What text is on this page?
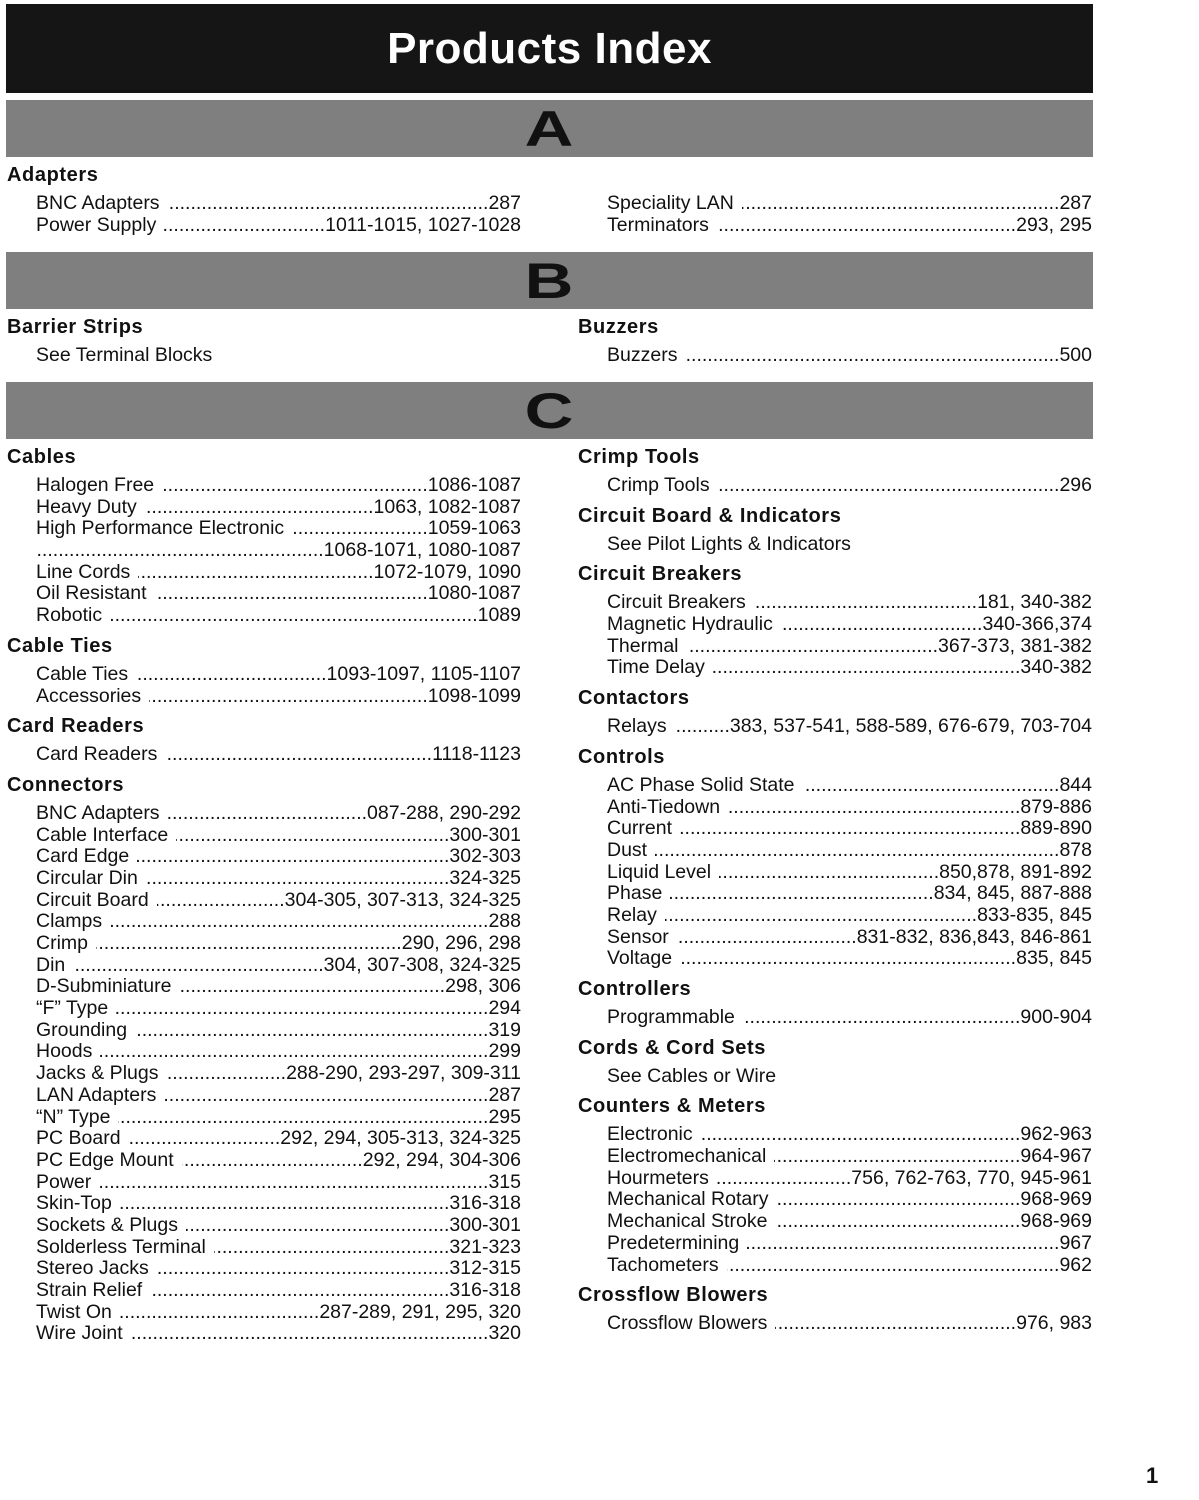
Products Index
A
Adapters
BNC Adapters .....	287
Power Supply .....	1011-1015, 1027-1028
Speciality LAN .....	287
Terminators .....	293, 295
B
Barrier Strips
See Terminal Blocks
Buzzers
Buzzers .....	500
C
Cables
Halogen Free .....	1086-1087
Heavy Duty .....	1063, 1082-1087
High Performance Electronic .....	1059-1063
.....
1068-1071, 1080-1087
Line Cords .....	1072-1079, 1090
Oil Resistant .....	1080-1087
Robotic .....	1089
Cable Ties
Cable Ties .....	1093-1097, 1105-1107
Accessories .....	1098-1099
Card Readers
Card Readers .....	1118-1123
Connectors
BNC Adapters .....	087-288, 290-292
Cable Interface .....	300-301
Card Edge .....	302-303
Circular Din .....	324-325
Circuit Board .....	304-305, 307-313, 324-325
Clamps .....	288
Crimp .....	290, 296, 298
Din .....	304, 307-308, 324-325
D-Subminiature .....	298, 306
“F” Type .....	294
Grounding .....	319
Hoods .....	299
Jacks & Plugs .....	288-290, 293-297, 309-311
LAN Adapters .....	287
“N” Type .....	295
PC Board .....	292, 294, 305-313, 324-325
PC Edge Mount .....	292, 294, 304-306
Power .....	315
Skin-Top .....	316-318
Sockets & Plugs .....	300-301
Solderless Terminal .....	321-323
Stereo Jacks .....	312-315
Strain Relief .....	316-318
Twist On .....	287-289, 291, 295, 320
Wire Joint .....	320
Crimp Tools
Crimp Tools .....	296
Circuit Board & Indicators
See Pilot Lights & Indicators
Circuit Breakers
Circuit Breakers .....	181, 340-382
Magnetic Hydraulic .....	340-366,374
Thermal .....	367-373, 381-382
Time Delay .....	340-382
Contactors
Relays .....	383, 537-541, 588-589, 676-679, 703-704
Controls
AC Phase Solid State .....	844
Anti-Tiedown .....	879-886
Current .....	889-890
Dust .....	878
Liquid Level .....	850,878, 891-892
Phase .....	834, 845, 887-888
Relay .....	833-835, 845
Sensor .....	831-832, 836,843, 846-861
Voltage .....	835, 845
Controllers
Programmable .....	900-904
Cords & Cord Sets
See Cables or Wire
Counters & Meters
Electronic .....	962-963
Electromechanical .....	964-967
Hourmeters .....	756, 762-763, 770, 945-961
Mechanical Rotary .....	968-969
Mechanical Stroke .....	968-969
Predetermining .....	967
Tachometers .....	962
Crossflow Blowers
Crossflow Blowers .....	976, 983
1
